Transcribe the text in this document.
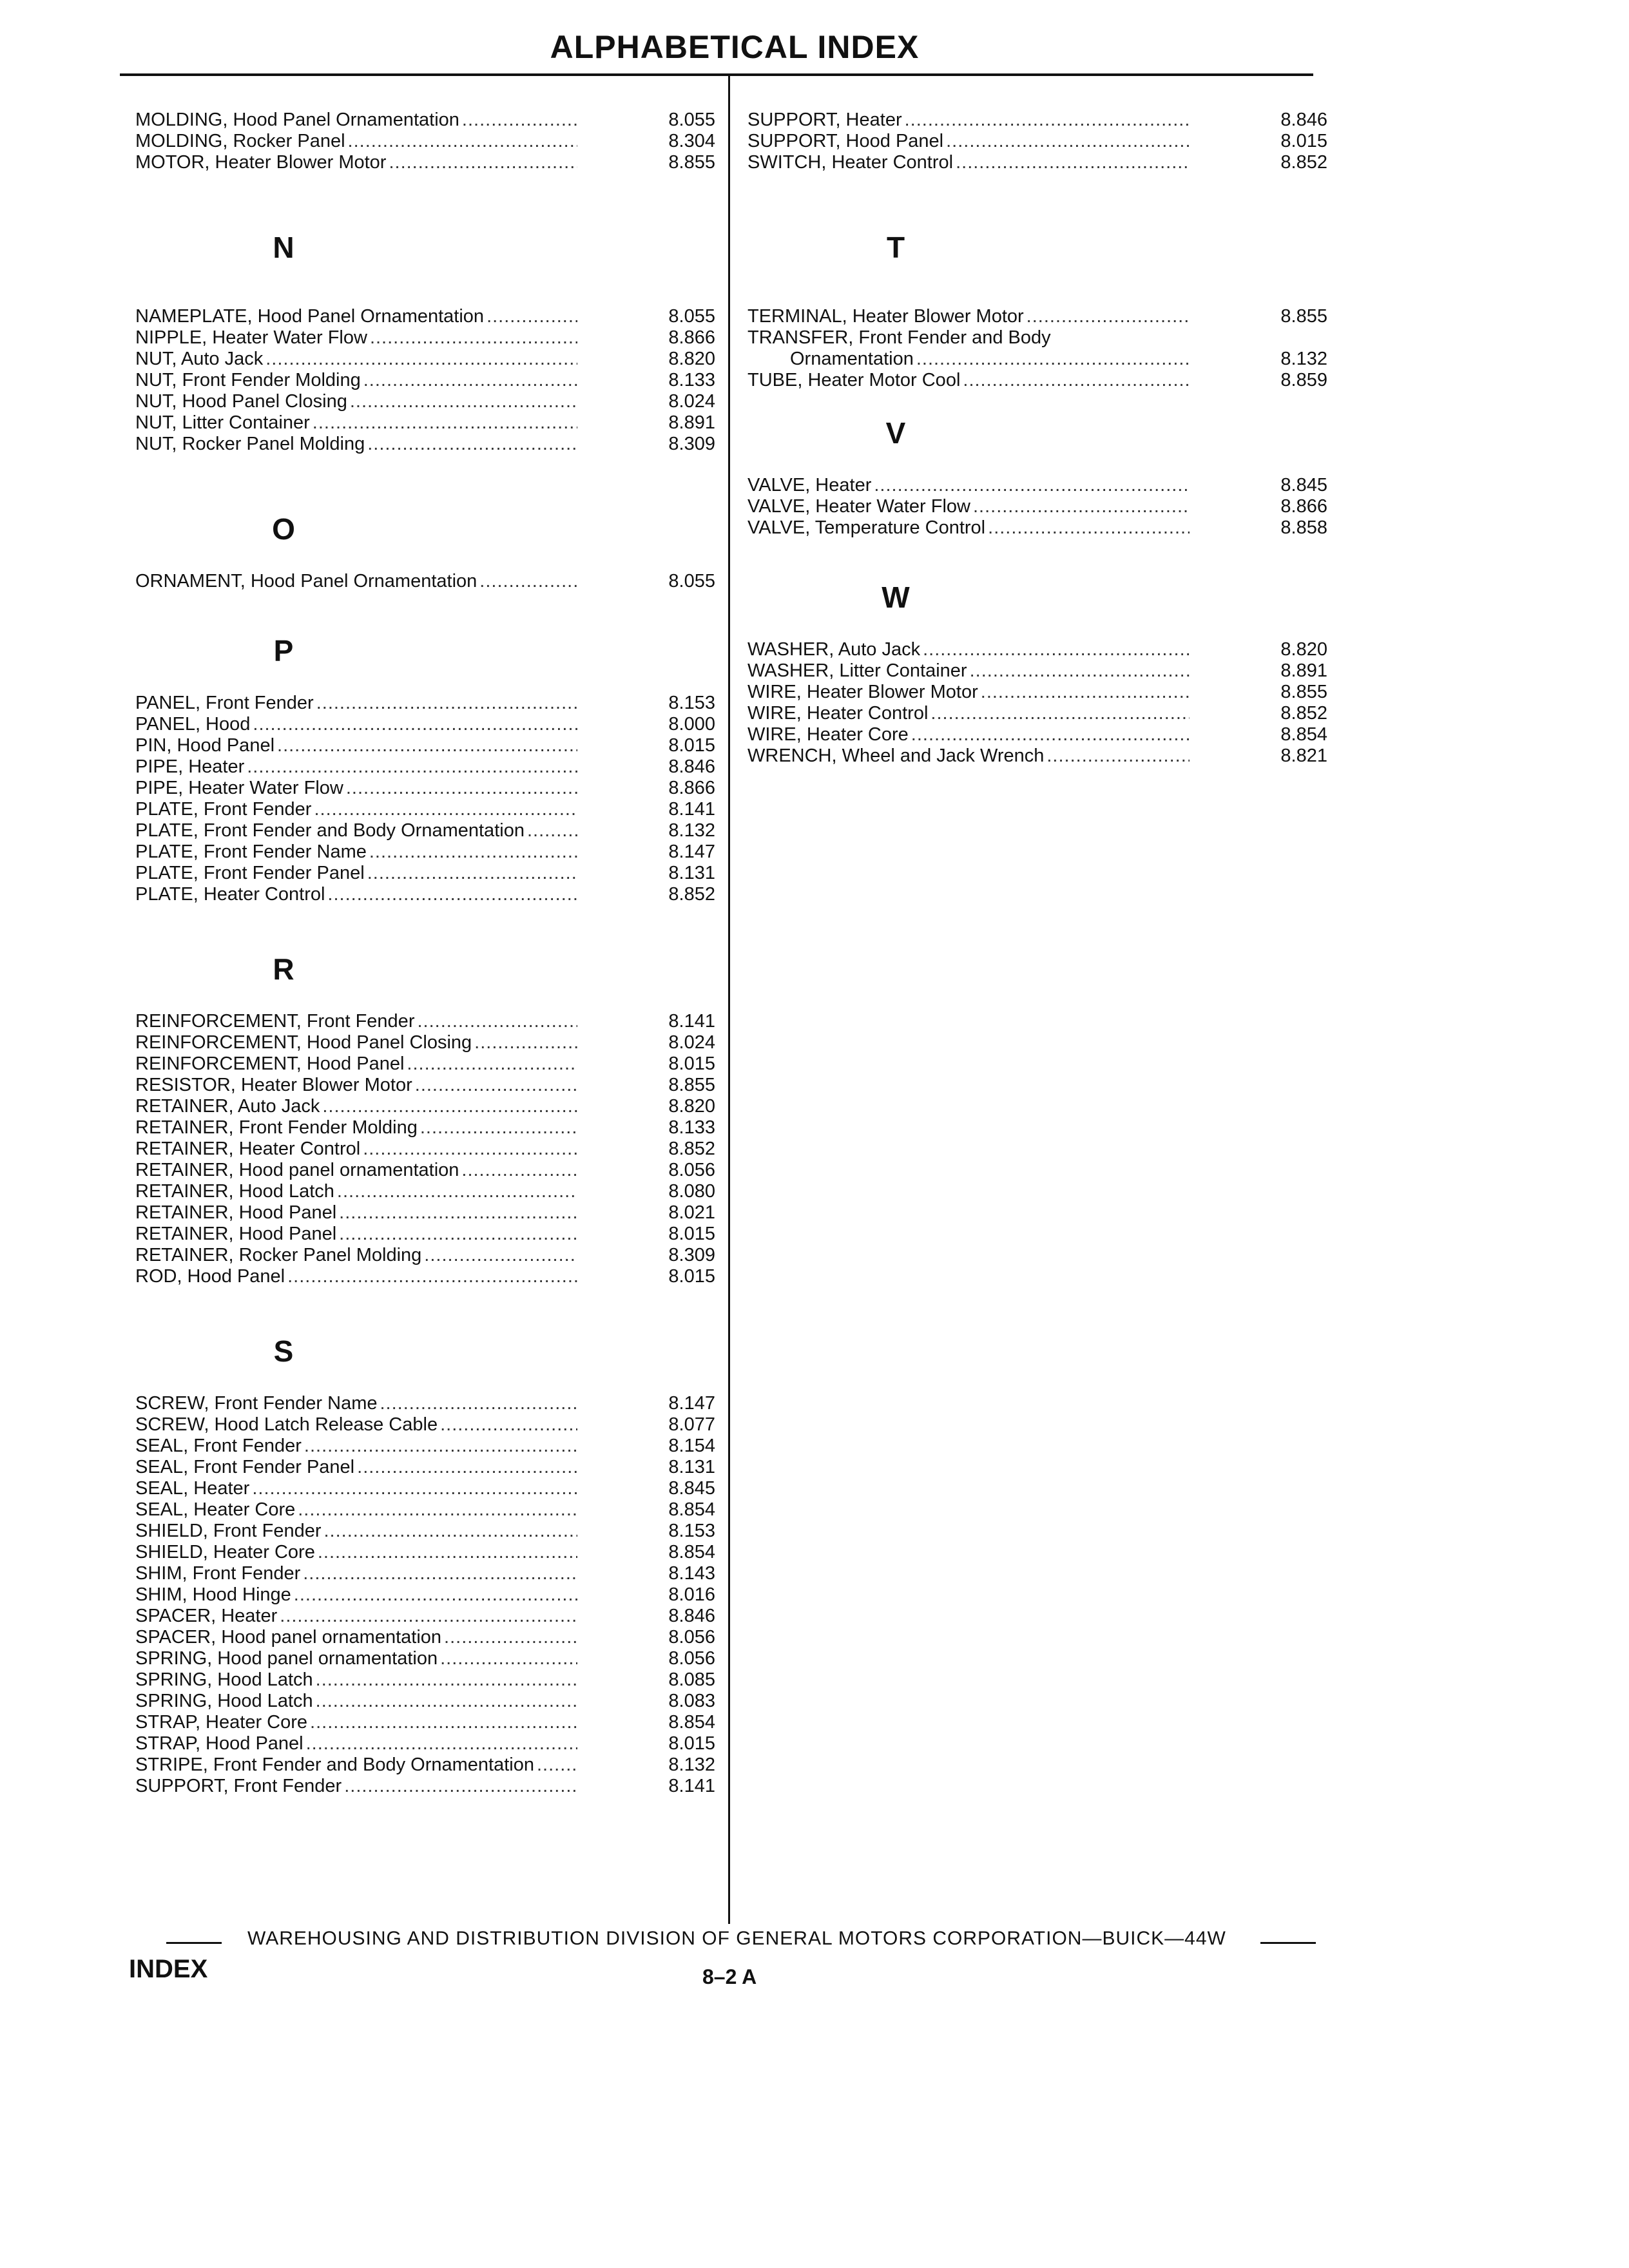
ALPHABETICAL INDEX
MOLDING, Hood Panel Ornamentation .....	8.055
MOLDING, Rocker Panel .....	8.304
MOTOR, Heater Blower Motor .....	8.855
N
NAMEPLATE, Hood Panel Ornamentation .....	8.055
NIPPLE, Heater Water Flow .....	8.866
NUT, Auto Jack .....	8.820
NUT, Front Fender Molding .....	8.133
NUT, Hood Panel Closing .....	8.024
NUT, Litter Container .....	8.891
NUT, Rocker Panel Molding .....	8.309
O
ORNAMENT, Hood Panel Ornamentation .....	8.055
P
PANEL, Front Fender .....	8.153
PANEL, Hood .....	8.000
PIN, Hood Panel .....	8.015
PIPE, Heater .....	8.846
PIPE, Heater Water Flow .....	8.866
PLATE, Front Fender .....	8.141
PLATE, Front Fender and Body Ornamentation .....	8.132
PLATE, Front Fender Name .....	8.147
PLATE, Front Fender Panel .....	8.131
PLATE, Heater Control .....	8.852
R
REINFORCEMENT, Front Fender .....	8.141
REINFORCEMENT, Hood Panel Closing .....	8.024
REINFORCEMENT, Hood Panel .....	8.015
RESISTOR, Heater Blower Motor .....	8.855
RETAINER, Auto Jack .....	8.820
RETAINER, Front Fender Molding .....	8.133
RETAINER, Heater Control .....	8.852
RETAINER, Hood panel ornamentation .....	8.056
RETAINER, Hood Latch .....	8.080
RETAINER, Hood Panel .....	8.021
RETAINER, Hood Panel .....	8.015
RETAINER, Rocker Panel Molding .....	8.309
ROD, Hood Panel .....	8.015
S
SCREW, Front Fender Name .....	8.147
SCREW, Hood Latch Release Cable .....	8.077
SEAL, Front Fender .....	8.154
SEAL, Front Fender Panel .....	8.131
SEAL, Heater .....	8.845
SEAL, Heater Core .....	8.854
SHIELD, Front Fender .....	8.153
SHIELD, Heater Core .....	8.854
SHIM, Front Fender .....	8.143
SHIM, Hood Hinge .....	8.016
SPACER, Heater .....	8.846
SPACER, Hood panel ornamentation .....	8.056
SPRING, Hood panel ornamentation .....	8.056
SPRING, Hood Latch .....	8.085
SPRING, Hood Latch .....	8.083
STRAP, Heater Core .....	8.854
STRAP, Hood Panel .....	8.015
STRIPE, Front Fender and Body Ornamentation .....	8.132
SUPPORT, Front Fender .....	8.141
SUPPORT, Heater .....	8.846
SUPPORT, Hood Panel .....	8.015
SWITCH, Heater Control .....	8.852
T
TERMINAL, Heater Blower Motor .....	8.855
TRANSFER, Front Fender and Body
Ornamentation .....	8.132
TUBE, Heater Motor Cool .....	8.859
V
VALVE, Heater .....	8.845
VALVE, Heater Water Flow .....	8.866
VALVE, Temperature Control .....	8.858
W
WASHER, Auto Jack .....	8.820
WASHER, Litter Container .....	8.891
WIRE, Heater Blower Motor .....	8.855
WIRE, Heater Control .....	8.852
WIRE, Heater Core .....	8.854
WRENCH, Wheel and Jack Wrench .....	8.821
WAREHOUSING AND DISTRIBUTION DIVISION OF GENERAL MOTORS CORPORATION—BUICK—44W
INDEX	8–2 A
